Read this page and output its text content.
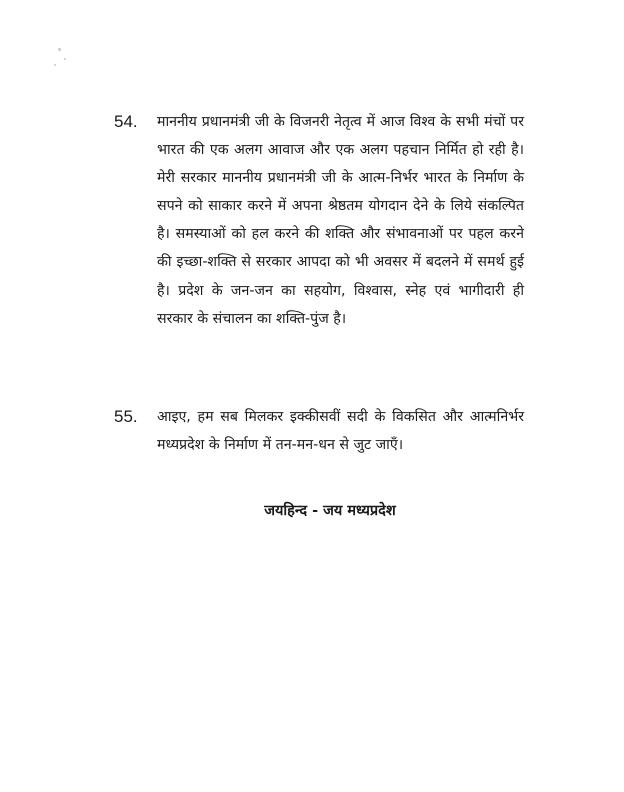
54.	माननीय प्रधानमंत्री जी के विजनरी नेतृत्व में आज विश्व के सभी मंचों पर भारत की एक अलग आवाज और एक अलग पहचान निर्मित हो रही है। मेरी सरकार माननीय प्रधानमंत्री जी के आत्म-निर्भर भारत के निर्माण के सपने को साकार करने में अपना श्रेष्ठतम योगदान देने के लिये संकल्पित है। समस्याओं को हल करने की शक्ति और संभावनाओं पर पहल करने की इच्छा-शक्ति से सरकार आपदा को भी अवसर में बदलने में समर्थ हुई है। प्रदेश के जन-जन का सहयोग, विश्वास, स्नेह एवं भागीदारी ही सरकार के संचालन का शक्ति-पुंज है।
55.	आइए, हम सब मिलकर इक्कीसवीं सदी के विकसित और आत्मनिर्भर मध्यप्रदेश के निर्माण में तन-मन-धन से जुट जाएँ।
जयहिन्द - जय मध्यप्रदेश
